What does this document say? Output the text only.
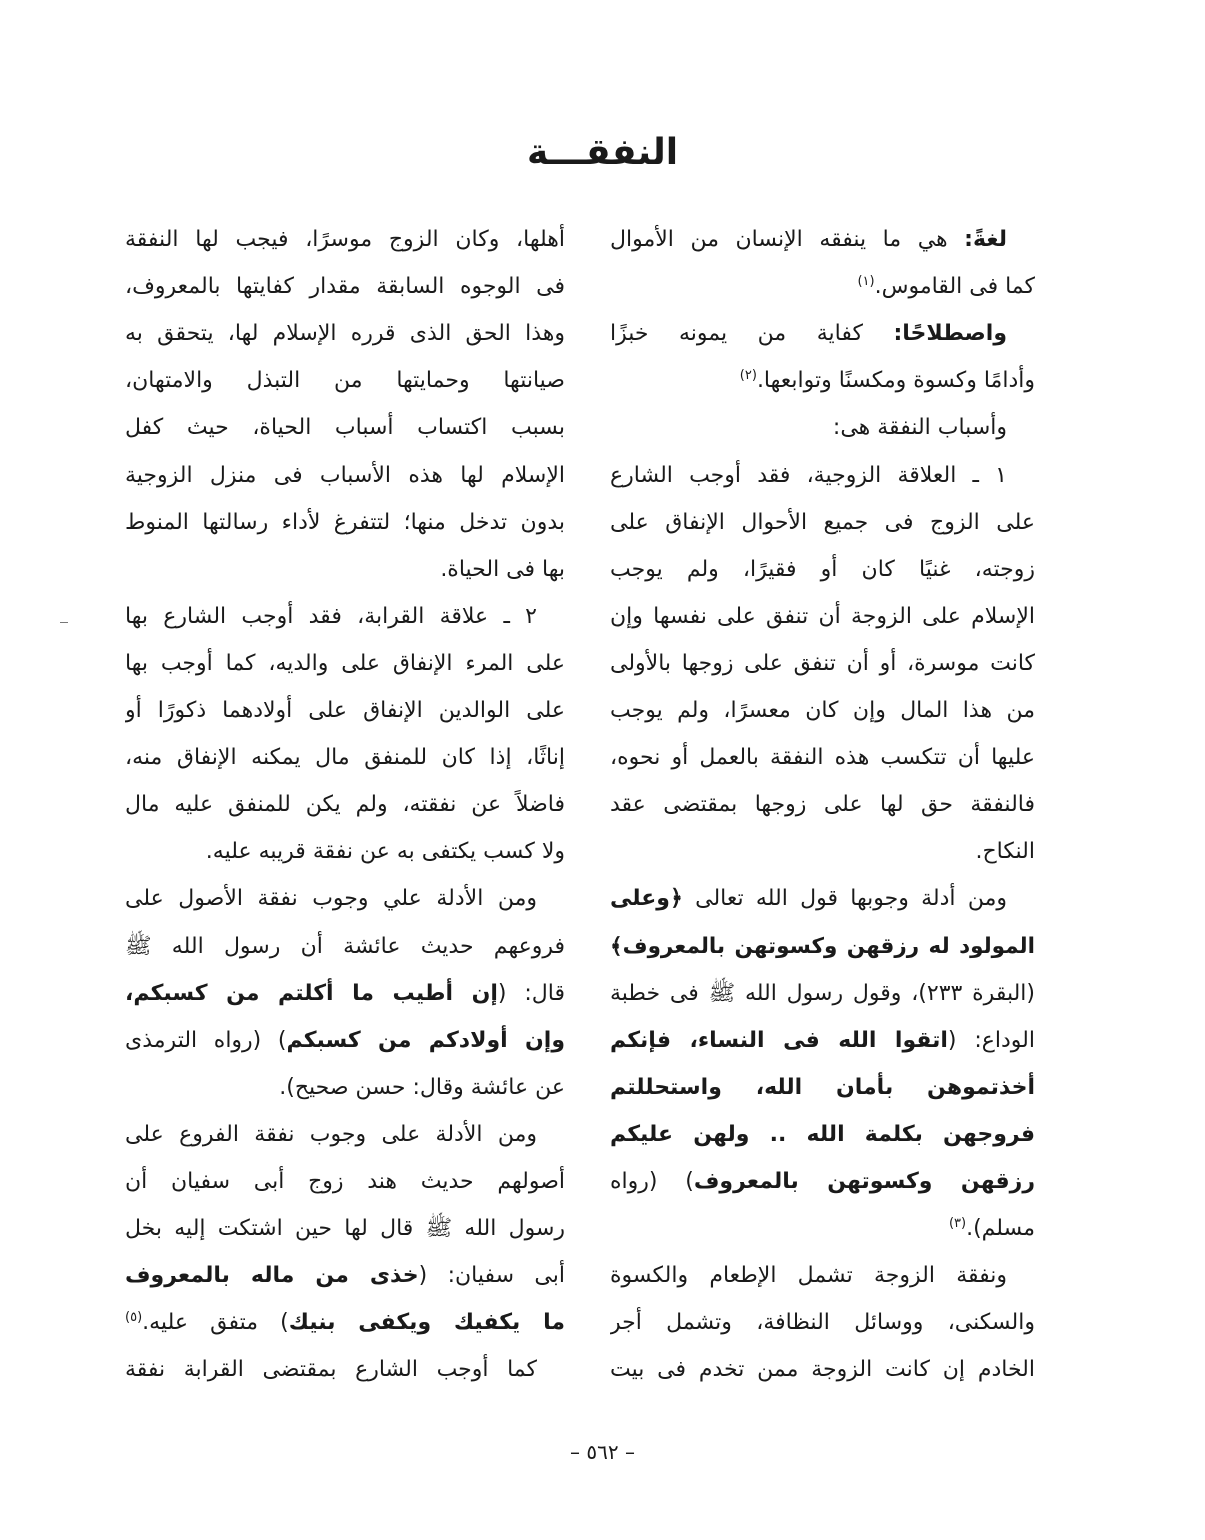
النفقـــة
لغةً: هي ما ينفقه الإنسان من الأموال
كما فى القاموس.$^{(١)}$
واصطلاحًا: كفاية من يمونه خبزًا
وأدامًا وكسوة ومكسنًا وتوابعها.$^{(٢)}$
وأسباب النفقة هى:
١ ـ العلاقة الزوجية، فقد أوجب الشارع
على الزوج فى جميع الأحوال الإنفاق على
زوجته، غنيًا كان أو فقيرًا، ولم يوجب
الإسلام على الزوجة أن تنفق على نفسها وإن
كانت موسرة، أو أن تنفق على زوجها بالأولى
من هذا المال وإن كان معسرًا، ولم يوجب
عليها أن تتكسب هذه النفقة بالعمل أو نحوه،
فالنفقة حق لها على زوجها بمقتضى عقد
النكاح.
ومن أدلة وجوبها قول الله تعالى ﴿وعلى
المولود له رزقهن وكسوتهن بالمعروف﴾
(البقرة ٢٣٣)، وقول رسول الله ﷺ فى خطبة
الوداع: (اتقوا الله فى النساء، فإنكم
أخذتموهن بأمان الله، واستحللتم
فروجهن بكلمة الله .. ولهن عليكم
رزقهن وكسوتهن بالمعروف) (رواه
مسلم).$^{(٣)}$
ونفقة الزوجة تشمل الإطعام والكسوة
والسكنى، ووسائل النظافة، وتشمل أجر
الخادم إن كانت الزوجة ممن تخدم فى بيت
أهلها، وكان الزوج موسرًا، فيجب لها النفقة
فى الوجوه السابقة مقدار كفايتها بالمعروف،
وهذا الحق الذى قرره الإسلام لها، يتحقق به
صيانتها وحمايتها من التبذل والامتهان،
بسبب اكتساب أسباب الحياة، حيث كفل
الإسلام لها هذه الأسباب فى منزل الزوجية
بدون تدخل منها؛ لتتفرغ لأداء رسالتها المنوط
بها فى الحياة.
٢ ـ علاقة القرابة، فقد أوجب الشارع بها
على المرء الإنفاق على والديه، كما أوجب بها
على الوالدين الإنفاق على أولادهما ذكورًا أو
إناثًا، إذا كان للمنفق مال يمكنه الإنفاق منه،
فاضلاً عن نفقته، ولم يكن للمنفق عليه مال
ولا كسب يكتفى به عن نفقة قريبه عليه.
ومن الأدلة علي وجوب نفقة الأصول على
فروعهم حديث عائشة أن رسول الله ﷺ
قال: (إن أطيب ما أكلتم من كسبكم،
وإن أولادكم من كسبكم) (رواه الترمذى
عن عائشة وقال: حسن صحيح).
ومن الأدلة على وجوب نفقة الفروع على
أصولهم حديث هند زوج أبى سفيان أن
رسول الله ﷺ قال لها حين اشتكت إليه بخل
أبى سفيان: (خذى من ماله بالمعروف
ما يكفيك ويكفى بنيك) متفق عليه.$^{(٥)}$
كما أوجب الشارع بمقتضى القرابة نفقة
– ٥٦٢ –
